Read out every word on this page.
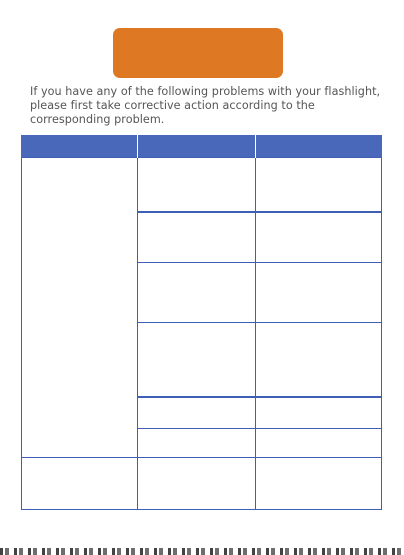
If you have any of the following problems with your flashlight, please first take corrective action according to the corresponding problem.
